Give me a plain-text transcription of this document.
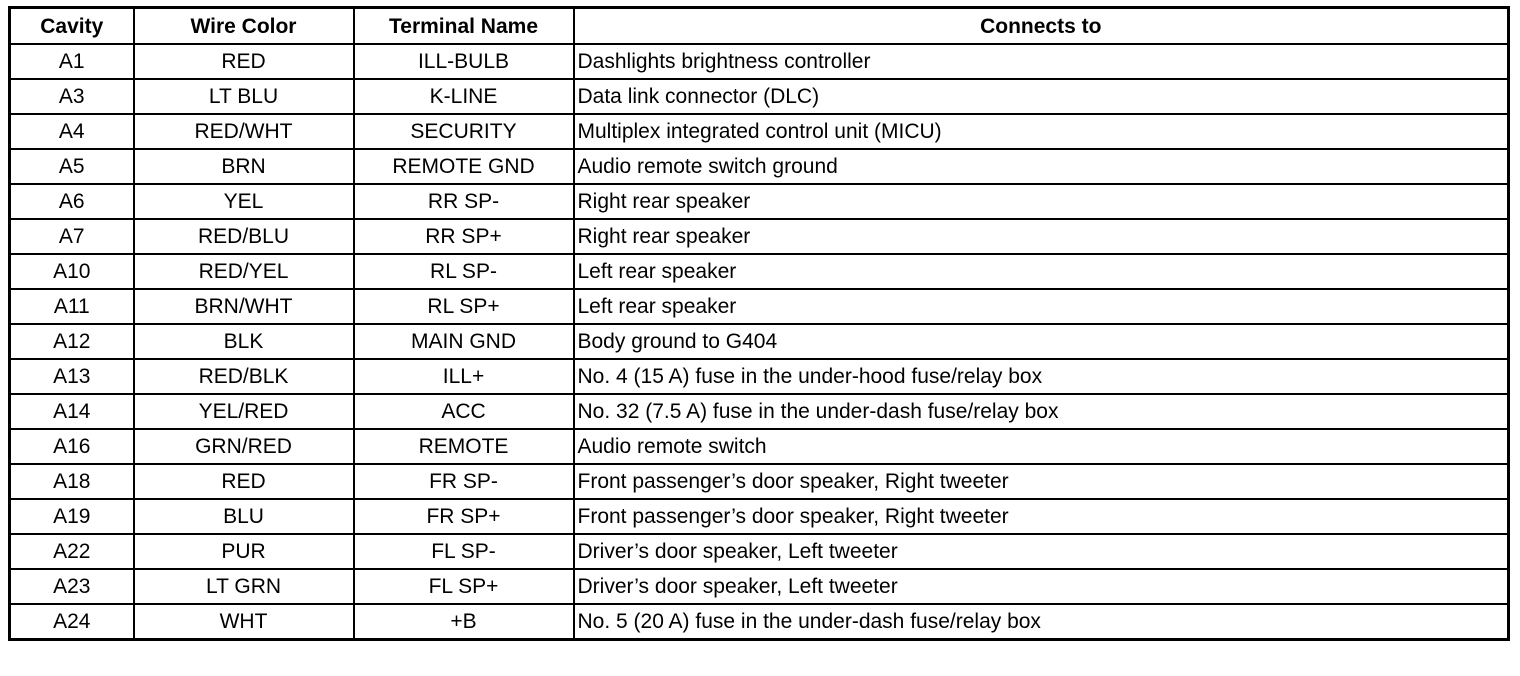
Cavity	Wire Color	Terminal Name	Connects to
A1	RED	ILL-BULB	Dashlights brightness controller
A3	LT BLU	K-LINE	Data link connector (DLC)
A4	RED/WHT	SECURITY	Multiplex integrated control unit (MICU)
A5	BRN	REMOTE GND	Audio remote switch ground
A6	YEL	RR SP-	Right rear speaker
A7	RED/BLU	RR SP+	Right rear speaker
A10	RED/YEL	RL SP-	Left rear speaker
A11	BRN/WHT	RL SP+	Left rear speaker
A12	BLK	MAIN GND	Body ground to G404
A13	RED/BLK	ILL+	No. 4 (15 A) fuse in the under-hood fuse/relay box
A14	YEL/RED	ACC	No. 32 (7.5 A) fuse in the under-dash fuse/relay box
A16	GRN/RED	REMOTE	Audio remote switch
A18	RED	FR SP-	Front passenger’s door speaker, Right tweeter
A19	BLU	FR SP+	Front passenger’s door speaker, Right tweeter
A22	PUR	FL SP-	Driver’s door speaker, Left tweeter
A23	LT GRN	FL SP+	Driver’s door speaker, Left tweeter
A24	WHT	+B	No. 5 (20 A) fuse in the under-dash fuse/relay box
